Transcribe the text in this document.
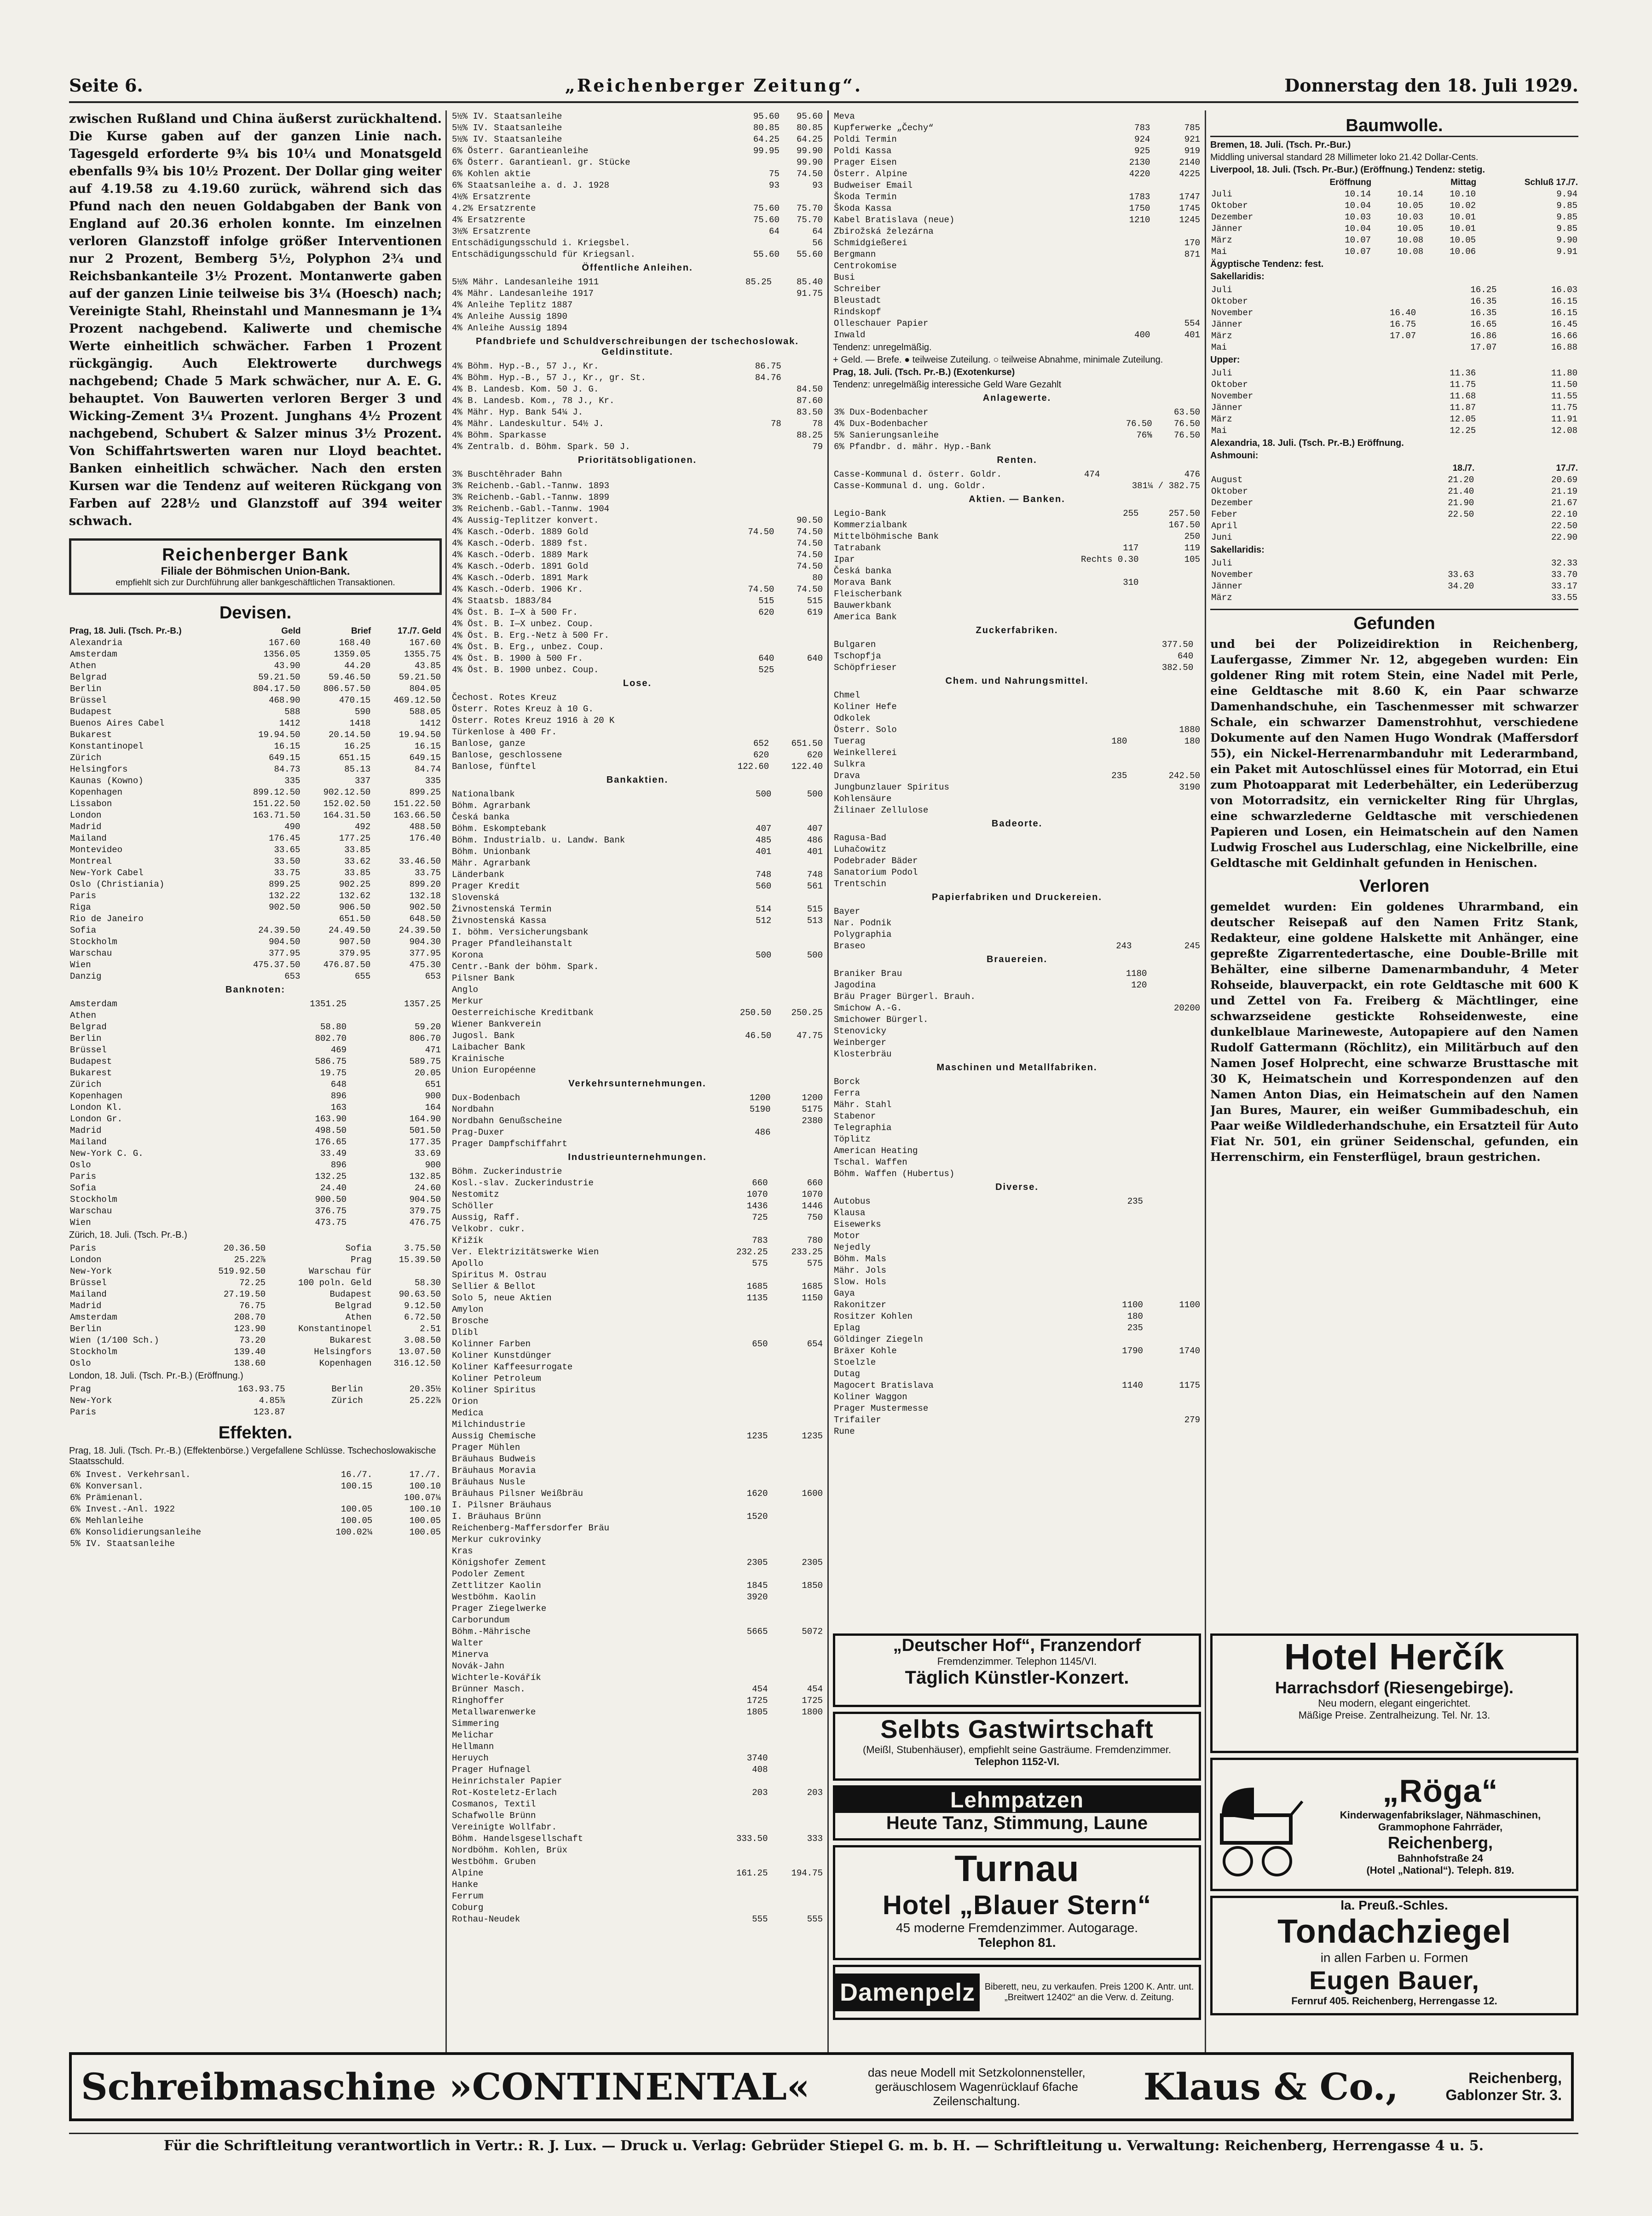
Seite 6.	„Reichenberger Zeitung“.	Donnerstag den 18. Juli 1929.

zwischen Rußland und China äußerst zurückhaltend. Die Kurse gaben auf der ganzen Linie nach. Tagesgeld erforderte 9¾ bis 10¼ und Monatsgeld ebenfalls 9¾ bis 10½ Prozent. Der Dollar ging weiter auf 4.19.58 zu 4.19.60 zurück, während sich das Pfund nach den neuen Goldabgaben der Bank von England auf 20.36 erholen konnte. Im einzelnen verloren Glanzstoff infolge größer Interventionen nur 2 Prozent, Bemberg 5½, Polyphon 2¾ und Reichsbankanteile 3½ Prozent. Montanwerte gaben auf der ganzen Linie teilweise bis 3¼ (Hoesch) nach; Vereinigte Stahl, Rheinstahl und Mannesmann je 1¾ Prozent nachgebend. Kaliwerte und chemische Werte einheitlich schwächer. Farben 1 Prozent rückgängig. Auch Elektrowerte durchwegs nachgebend; Chade 5 Mark schwächer, nur A. E. G. behauptet. Von Bauwerten verloren Berger 3 und Wicking-Zement 3¼ Prozent. Junghans 4½ Prozent nachgebend, Schubert & Salzer minus 3½ Prozent. Von Schiffahrtswerten waren nur Lloyd beachtet. Banken einheitlich schwächer. Nach den ersten Kursen war die Tendenz auf weiteren Rückgang von Farben auf 228½ und Glanzstoff auf 394 weiter schwach.

Reichenberger Bank
Filiale der Böhmischen Union-Bank.
empfiehlt sich zur Durchführung aller bankgeschäftlichen Transaktionen.
Devisen.
Prag, 18. Juli. (Tsch. Pr.-B.)	Geld	Brief	17./7. Geld
Alexandria	167.60	168.40	167.60
Amsterdam	1356.05	1359.05	1355.75
Athen	43.90	44.20	43.85
Belgrad	59.21.50	59.46.50	59.21.50
Berlin	804.17.50	806.57.50	804.05
Brüssel	468.90	470.15	469.12.50
Budapest	588	590	588.05
Buenos Aires Cabel	1412	1418	1412
Bukarest	19.94.50	20.14.50	19.94.50
Konstantinopel	16.15	16.25	16.15
Zürich	649.15	651.15	649.15
Helsingfors	84.73	85.13	84.74
Kaunas (Kowno)	335	337	335
Kopenhagen	899.12.50	902.12.50	899.25
Lissabon	151.22.50	152.02.50	151.22.50
London	163.71.50	164.31.50	163.66.50
Madrid	490	492	488.50
Mailand	176.45	177.25	176.40
Montevideo	33.65	33.85	
Montreal	33.50	33.62	33.46.50
New-York Cabel	33.75	33.85	33.75
Oslo (Christiania)	899.25	902.25	899.20
Paris	132.22	132.62	132.18
Riga	902.50	906.50	902.50
Rio de Janeiro		651.50	648.50
Sofia	24.39.50	24.49.50	24.39.50
Stockholm	904.50	907.50	904.30
Warschau	377.95	379.95	377.95
Wien	475.37.50	476.87.50	475.30
Danzig	653	655	653
Banknoten:
Amsterdam	1351.25	1357.25
Athen		
Belgrad	58.80	59.20
Berlin	802.70	806.70
Brüssel	469	471
Budapest	586.75	589.75
Bukarest	19.75	20.05
Zürich	648	651
Kopenhagen	896	900
London Kl.	163	164
London Gr.	163.90	164.90
Madrid	498.50	501.50
Mailand	176.65	177.35
New-York C. G.	33.49	33.69
Oslo	896	900
Paris	132.25	132.85
Sofia	24.40	24.60
Stockholm	900.50	904.50
Warschau	376.75	379.75
Wien	473.75	476.75
Zürich, 18. Juli. (Tsch. Pr.-B.)
Paris	20.36.50	Sofia	3.75.50
London	25.22⅞	Prag	15.39.50
New-York	519.92.50	Warschau für	
Brüssel	72.25	100 poln. Geld	58.30
Mailand	27.19.50	Budapest	90.63.50
Madrid	76.75	Belgrad	9.12.50
Amsterdam	208.70	Athen	6.72.50
Berlin	123.90	Konstantinopel	2.51
Wien (1/100 Sch.)	73.20	Bukarest	3.08.50
Stockholm	139.40	Helsingfors	13.07.50
Oslo	138.60	Kopenhagen	316.12.50
London, 18. Juli. (Tsch. Pr.-B.) (Eröffnung.)
Prag	163.93.75	Berlin	20.35½
New-York	4.85⅞	Zürich	25.22⅞
Paris	123.87		
Effekten.
Prag, 18. Juli. (Tsch. Pr.-B.) (Effektenbörse.) Vergefallene Schlüsse. Tschechoslowakische Staatsschuld.
6% Invest. Verkehrsanl.	16./7.	17./7.
6% Konversanl.	100.15	100.10
6% Prämienanl.		100.07¼
6% Invest.-Anl. 1922	100.05	100.10
6% Mehlanleihe	100.05	100.05
6% Konsolidierungsanleihe	100.02¼	100.05
5% IV. Staatsanleihe		
5½% IV. Staatsanleihe	95.60	95.60
5½% IV. Staatsanleihe	80.85	80.85
5½% IV. Staatsanleihe	64.25	64.25
6% Österr. Garantieanleihe	99.95	99.90
6% Österr. Garantieanl. gr. Stücke		99.90
6% Kohlen aktie	75	74.50
6% Staatsanleihe a. d. J. 1928	93	93
4½% Ersatzrente		
4.2% Ersatzrente	75.60	75.70
4% Ersatzrente	75.60	75.70
3½% Ersatzrente	64	64
Entschädigungsschuld i. Kriegsbel.		56
Entschädigungsschuld für Kriegsanl.	55.60	55.60
Öffentliche Anleihen.
5½% Mähr. Landesanleihe 1911	85.25	85.40
4% Mähr. Landesanleihe 1917		91.75
4% Anleihe Teplitz 1887		
4% Anleihe Aussig 1890		
4% Anleihe Aussig 1894		
Pfandbriefe und Schuldverschreibungen der tschechoslowak. Geldinstitute.
4% Böhm. Hyp.-B., 57 J., Kr.	86.75	
4% Böhm. Hyp.-B., 57 J., Kr., gr. St.	84.76	
4% B. Landesb. Kom. 50 J. G.		84.50
4% B. Landesb. Kom., 78 J., Kr.		87.60
4% Mähr. Hyp. Bank 54¼ J.		83.50
4% Mähr. Landeskultur. 54½ J.	78	78
4% Böhm. Sparkasse		88.25
4% Zentralb. d. Böhm. Spark. 50 J.		79
Prioritätsobligationen.
3% Buschtěhrader Bahn		
3% Reichenb.-Gabl.-Tannw. 1893		
3% Reichenb.-Gabl.-Tannw. 1899		
3% Reichenb.-Gabl.-Tannw. 1904		
4% Aussig-Teplitzer konvert.		90.50
4% Kasch.-Oderb. 1889 Gold	74.50	74.50
4% Kasch.-Oderb. 1889 fst.		74.50
4% Kasch.-Oderb. 1889 Mark		74.50
4% Kasch.-Oderb. 1891 Gold		74.50
4% Kasch.-Oderb. 1891 Mark		80
4% Kasch.-Oderb. 1906 Kr.	74.50	74.50
4% Staatsb. 1883/84	515	515
4% Öst. B. I—X à 500 Fr.	620	619
4% Öst. B. I—X unbez. Coup.		
4% Öst. B. Erg.-Netz à 500 Fr.		
4% Öst. B. Erg., unbez. Coup.		
4% Öst. B. 1900 à 500 Fr.	640	640
4% Öst. B. 1900 unbez. Coup.	525	
Lose.
Čechost. Rotes Kreuz		
Österr. Rotes Kreuz à 10 G.		
Österr. Rotes Kreuz 1916 à 20 K		
Türkenlose à 400 Fr.		
Banlose, ganze	652	651.50
Banlose, geschlossene	620	620
Banlose, fünftel	122.60	122.40
Bankaktien.
Nationalbank	500	500
Böhm. Agrarbank		
Česká banka		
Böhm. Eskomptebank	407	407
Böhm. Industrialb. u. Landw. Bank	485	486
Böhm. Unionbank	401	401
Mähr. Agrarbank		
Länderbank	748	748
Prager Kredit	560	561
Slovenská		
Živnostenská Termin	514	515
Živnostenská Kassa	512	513
I. böhm. Versicherungsbank		
Prager Pfandleihanstalt		
Korona	500	500
Centr.-Bank der böhm. Spark.		
Pilsner Bank		
Anglo		
Merkur		
Oesterreichische Kreditbank	250.50	250.25
Wiener Bankverein		
Jugosl. Bank	46.50	47.75
Laibacher Bank		
Krainische		
Union Européenne		
Verkehrsunternehmungen.
Dux-Bodenbach	1200	1200
Nordbahn	5190	5175
Nordbahn Genußscheine		2380
Prag-Duxer	486	
Prager Dampfschiffahrt		
Industrieunternehmungen.
Böhm. Zuckerindustrie		
Kosl.-slav. Zuckerindustrie	660	660
Nestomitz	1070	1070
Schöller	1436	1446
Aussig, Raff.	725	750
Velkobr. cukr.		
Křižík	783	780
Ver. Elektrizitätswerke Wien	232.25	233.25
Apollo	575	575
Spiritus M. Ostrau		
Sellier & Bellot	1685	1685
Solo 5, neue Aktien	1135	1150
Amylon		
Brosche		
Dlíbl		
Kolinner Farben	650	654
Koliner Kunstdünger		
Koliner Kaffeesurrogate		
Koliner Petroleum		
Koliner Spiritus		
Orion		
Medica		
Milchindustrie		
Aussig Chemische	1235	1235
Prager Mühlen		
Bräuhaus Budweis		
Bräuhaus Moravia		
Bräuhaus Nusle		
Bräuhaus Pilsner Weißbräu	1620	1600
I. Pilsner Bräuhaus		
I. Bräuhaus Brünn	1520	
Reichenberg-Maffersdorfer Bräu		
Merkur cukrovinky		
Kras		
Königshofer Zement	2305	2305
Podoler Zement		
Zettlitzer Kaolin	1845	1850
Westböhm. Kaolin	3920	
Prager Ziegelwerke		
Carborundum		
Böhm.-Mährische	5665	5072
Walter		
Minerva		
Novák-Jahn		
Wichterle-Kovářík		
Brünner Masch.	454	454
Ringhoffer	1725	1725
Metallwarenwerke	1805	1800
Simmering		
Melichar		
Hellmann		
Heruych	3740	
Prager Hufnagel	408	
Heinrichstaler Papier		
Rot-Kosteletz-Erlach	203	203
Cosmanos, Textil		
Schafwolle Brünn		
Vereinigte Wollfabr.		
Böhm. Handelsgesellschaft	333.50	333
Nordböhm. Kohlen, Brüx		
Westböhm. Gruben		
Alpine	161.25	194.75
Hanke		
Ferrum		
Coburg		
Rothau-Neudek	555	555
Meva		
Kupferwerke „Čechy“	783	785
Poldi Termin	924	921
Poldi Kassa	925	919
Prager Eisen	2130	2140
Österr. Alpine	4220	4225
Budweiser Email		
Škoda Termin	1783	1747
Škoda Kassa	1750	1745
Kabel Bratislava (neue)	1210	1245
Zbirožská železárna		
Schmidgießerei		170
Bergmann		871
Centrokomise		
Busi		
Schreiber		
Bleustadt		
Rindskopf		
Olleschauer Papier		554
Inwald	400	401
Tendenz: unregelmäßig.
+ Geld. — Brefe. ● teilweise Zuteilung. ○ teilweise Abnahme, minimale Zuteilung.
Prag, 18. Juli. (Tsch. Pr.-B.) (Exotenkurse)
Tendenz: unregelmäßig interessiche Geld Ware Gezahlt
Anlagewerte.
3% Dux-Bodenbacher		63.50
4% Dux-Bodenbacher	76.50	76.50
5% Sanierungsanleihe	76⅝	76.50
6% Pfandbr. d. mähr. Hyp.-Bank		
Renten.
Casse-Kommunal d. österr. Goldr.	474	476
Casse-Kommunal d. ung. Goldr.		381¼ / 382.75
Aktien. — Banken.
Legio-Bank	255	257.50
Kommerzialbank		167.50
Mittelböhmische Bank		250
Tatrabank	117	119
Ipar	Rechts 0.30	105
Česká banka		
Morava Bank	310	
Fleischerbank		
Bauwerkbank		
America Bank		
Zuckerfabriken.
Bulgaren	377.50	
Tschopfja	640	
Schöpfrieser	382.50	
Chem. und Nahrungsmittel.
Chmel		
Koliner Hefe		
Odkolek		
Österr. Solo		1880
Tuerag	180	180
Weinkellerei		
Sulkra		
Drava	235	242.50
Jungbunzlauer Spiritus		3190
Kohlensäure		
Žilinaer Zellulose		
Badeorte.
Ragusa-Bad		
Luhačowitz		
Podebrader Bäder		
Sanatorium Podol		
Trentschin		
Papierfabriken und Druckereien.
Bayer		
Nar. Podnik		
Polygraphia		
Braseo	243	245
Brauereien.
Braniker Brau	1180	
Jagodina	120	
Bräu Prager Bürgerl. Brauh.		
Smichow A.-G.		20200
Smichower Bürgerl.		
Stenovicky		
Weinberger		
Klosterbräu		
Maschinen und Metallfabriken.
Borck		
Ferra		
Mähr. Stahl		
Stabenor		
Telegraphia		
Töplitz		
American Heating		
Tschal. Waffen		
Böhm. Waffen (Hubertus)		
Diverse.
Autobus	235	
Klausa		
Eisewerks		
Motor		
Nejedly		
Böhm. Mals		
Mähr. Jols		
Slow. Hols		
Gaya		
Rakonitzer	1100	1100
Rositzer Kohlen	180	
Eplag	235	
Göldinger Ziegeln		
Bräxer Kohle	1790	1740
Stoelzle		
Dutag		
Magocert Bratislava	1140	1175
Koliner Waggon		
Prager Mustermesse		
Trifailer		279
Rune		
Baumwolle.
Bremen, 18. Juli. (Tsch. Pr.-Bur.)
Middling universal standard 28 Millimeter loko 21.42 Dollar-Cents.
Liverpool, 18. Juli. (Tsch. Pr.-Bur.) (Eröffnung.) Tendenz: stetig.
	Eröffnung		Mittag	Schluß 17./7.
Juli	10.14	10.14	10.10	9.94
Oktober	10.04	10.05	10.02	9.85
Dezember	10.03	10.03	10.01	9.85
Jänner	10.04	10.05	10.01	9.85
März	10.07	10.08	10.05	9.90
Mai	10.07	10.08	10.06	9.91
Ägyptische Tendenz: fest.
Sakellaridis:
Juli		16.25	16.03
Oktober		16.35	16.15
November	16.40	16.35	16.15
Jänner	16.75	16.65	16.45
März	17.07	16.86	16.66
Mai		17.07	16.88
Upper:
Juli		11.36	11.80
Oktober		11.75	11.50
November		11.68	11.55
Jänner		11.87	11.75
März		12.05	11.91
Mai		12.25	12.08
Alexandria, 18. Juli. (Tsch. Pr.-B.) Eröffnung.
Ashmouni:
	18./7.	17./7.
August	21.20	20.69
Oktober	21.40	21.19
Dezember	21.90	21.67
Feber	22.50	22.10
April		22.50
Juni		22.90
Sakellaridis:
Juli		32.33
November	33.63	33.70
Jänner	34.20	33.17
März		33.55
Gefunden

und bei der Polizeidirektion in Reichenberg, Laufergasse, Zimmer Nr. 12, abgegeben wurden: Ein goldener Ring mit rotem Stein, eine Nadel mit Perle, eine Geldtasche mit 8.60 K, ein Paar schwarze Damenhandschuhe, ein Taschenmesser mit schwarzer Schale, ein schwarzer Damenstrohhut, verschiedene Dokumente auf den Namen Hugo Wondrak (Maffersdorf 55), ein Nickel-Herrenarmbanduhr mit Lederarmband, ein Paket mit Autoschlüssel eines für Motorrad, ein Etui zum Photoapparat mit Lederbehälter, ein Lederüberzug von Motorradsitz, ein vernickelter Ring für Uhrglas, eine schwarzlederne Geldtasche mit verschiedenen Papieren und Losen, ein Heimatschein auf den Namen Ludwig Froschel aus Luderschlag, eine Nickelbrille, eine Geldtasche mit Geldinhalt gefunden in Henischen.

Verloren

gemeldet wurden: Ein goldenes Uhrarmband, ein deutscher Reisepaß auf den Namen Fritz Stank, Redakteur, eine goldene Halskette mit Anhänger, eine gepreßte Zigarrentedertasche, eine Double-Brille mit Behälter, eine silberne Damenarmbanduhr, 4 Meter Rohseide, blauverpackt, ein rote Geldtasche mit 600 K und Zettel von Fa. Freiberg & Mächtlinger, eine schwarzseidene gestickte Rohseidenweste, eine dunkelblaue Marineweste, Autopapiere auf den Namen Rudolf Gattermann (Röchlitz), ein Militärbuch auf den Namen Josef Holprecht, eine schwarze Brusttasche mit 30 K, Heimatschein und Korrespondenzen auf den Namen Anton Dias, ein Heimatschein auf den Namen Jan Bures, Maurer, ein weißer Gummibadeschuh, ein Paar weiße Wildlederhandschuhe, ein Ersatzteil für Auto Fiat Nr. 501, ein grüner Seidenschal, gefunden, ein Herrenschirm, ein Fensterflügel, braun gestrichen.

„Deutscher Hof“, Franzendorf
Fremdenzimmer. Telephon 1145/VI.
Täglich Künstler-Konzert.
Selbts Gastwirtschaft
(Meißl, Stubenhäuser), empfiehlt seine Gasträume. Fremdenzimmer.
Telephon 1152-VI.
Lehmpatzen
Heute Tanz, Stimmung, Laune
Turnau
Hotel „Blauer Stern“
45 moderne Fremdenzimmer. Autogarage.
Telephon 81.
Damenpelz	Biberett, neu, zu verkaufen. Preis 1200 K. Antr. unt. „Breitwert 12402“ an die Verw. d. Zeitung.
Hotel Herčík
Harrachsdorf (Riesengebirge).
Neu modern, elegant eingerichtet.
Mäßige Preise. Zentralheizung. Tel. Nr. 13.
„Röga“
Kinderwagenfabrikslager, Nähmaschinen, Grammophone Fahrräder,
Reichenberg,
Bahnhofstraße 24
(Hotel „National“). Teleph. 819.
la. Preuß.-Schles.
Tondachziegel
in allen Farben u. Formen
Eugen Bauer,
Fernruf 405. Reichenberg, Herrengasse 12.
Schreibmaschine »CONTINENTAL«	das neue Modell mit Setzkolonnensteller, geräuschlosem Wagenrücklauf 6fache Zeilenschaltung.	Klaus & Co.,	Reichenberg,
Gablonzer Str. 3.
Für die Schriftleitung verantwortlich in Vertr.: R. J. Lux. — Druck u. Verlag: Gebrüder Stiepel G. m. b. H. — Schriftleitung u. Verwaltung: Reichenberg, Herrengasse 4 u. 5.
